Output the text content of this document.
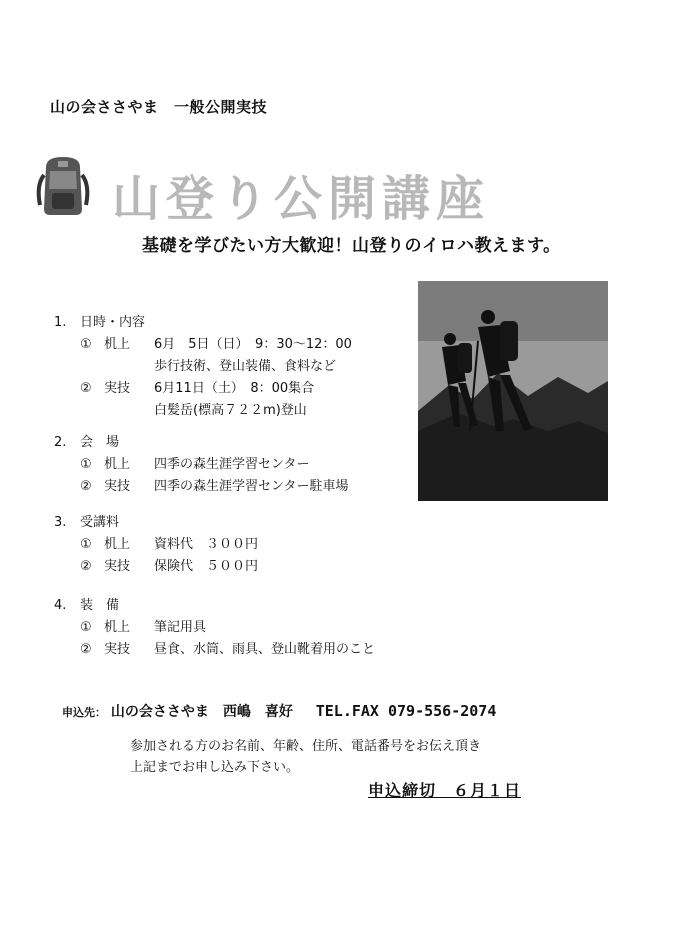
山の会ささやま　一般公開実技
山登り公開講座
基礎を学びたい方大歓迎！山登りのイロハ教えます。
1. 日時・内容
① 机上 6月　5日（日）　9：30～12：00
歩行技術、登山装備、食料など
② 実技 6月11日（土）　8：00集合
白髪岳(標高７２２m)登山
2. 会　場
① 机上 四季の森生涯学習センター
② 実技 四季の森生涯学習センター駐車場
3. 受講料
① 机上 資料代　３００円
② 実技 保険代　５００円
4. 装　備
① 机上 筆記用具
② 実技 昼食、水筒、雨具、登山靴着用のこと
申込先： 山の会ささやま　西嶋　喜好 TEL.FAX 079-556-2074
参加される方のお名前、年齢、住所、電話番号をお伝え頂き
上記までお申し込み下さい。
申込締切　６月１日
